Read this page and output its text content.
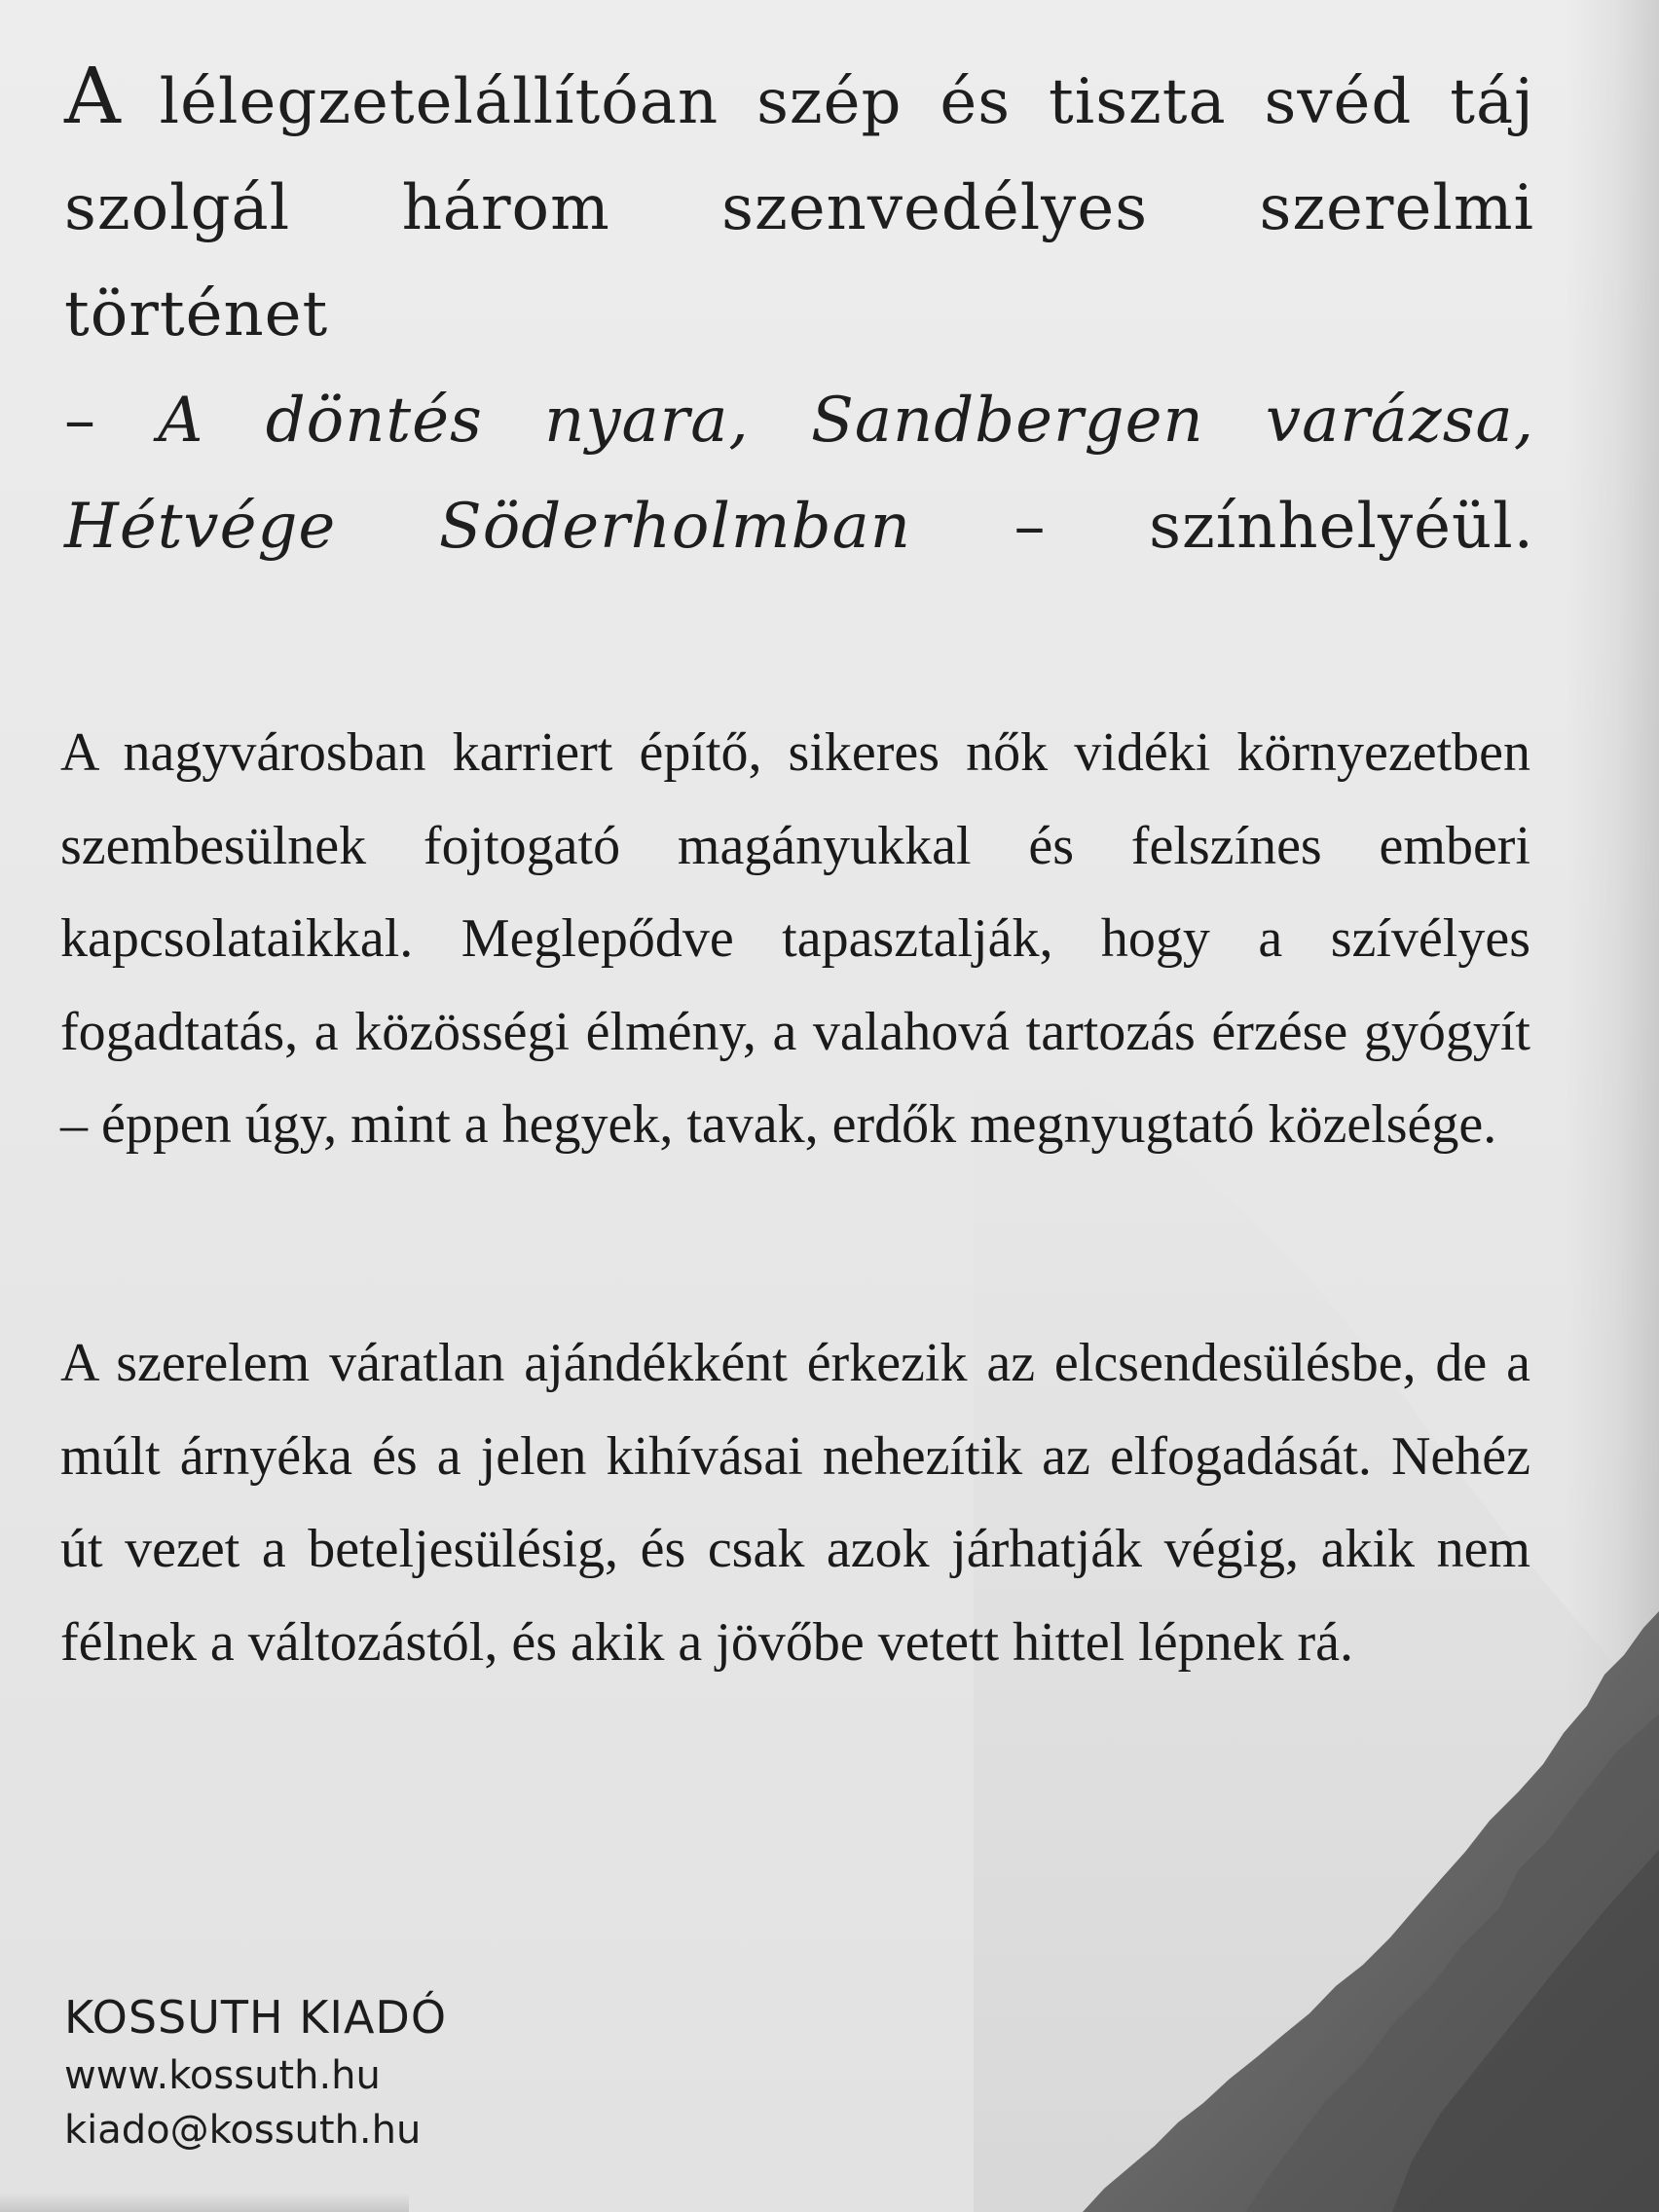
A lélegzetelállítóan szép és tiszta svéd táj
szolgál három szenvedélyes szerelmi történet
– A döntés nyara, Sandbergen varázsa,
Hétvége Söderholmban – színhelyéül.

A nagyvárosban karriert építő, sikeres nők vidéki környezetben szembesülnek fojtogató magányukkal és felszínes emberi kapcsolataikkal. Meglepődve tapasztalják, hogy a szívélyes fogadtatás, a közösségi élmény, a valahová tartozás érzése gyógyít – éppen úgy, mint a hegyek, tavak, erdők megnyugtató közelsége.

A szerelem váratlan ajándékként érkezik az elcsendesülésbe, de a múlt árnyéka és a jelen kihívásai nehezítik az elfogadását. Nehéz út vezet a beteljesülésig, és csak azok járhatják végig, akik nem félnek a változástól, és akik a jövőbe vetett hittel lépnek rá.

KOSSUTH KIADÓ
www.kossuth.hu
kiado@kossuth.hu
